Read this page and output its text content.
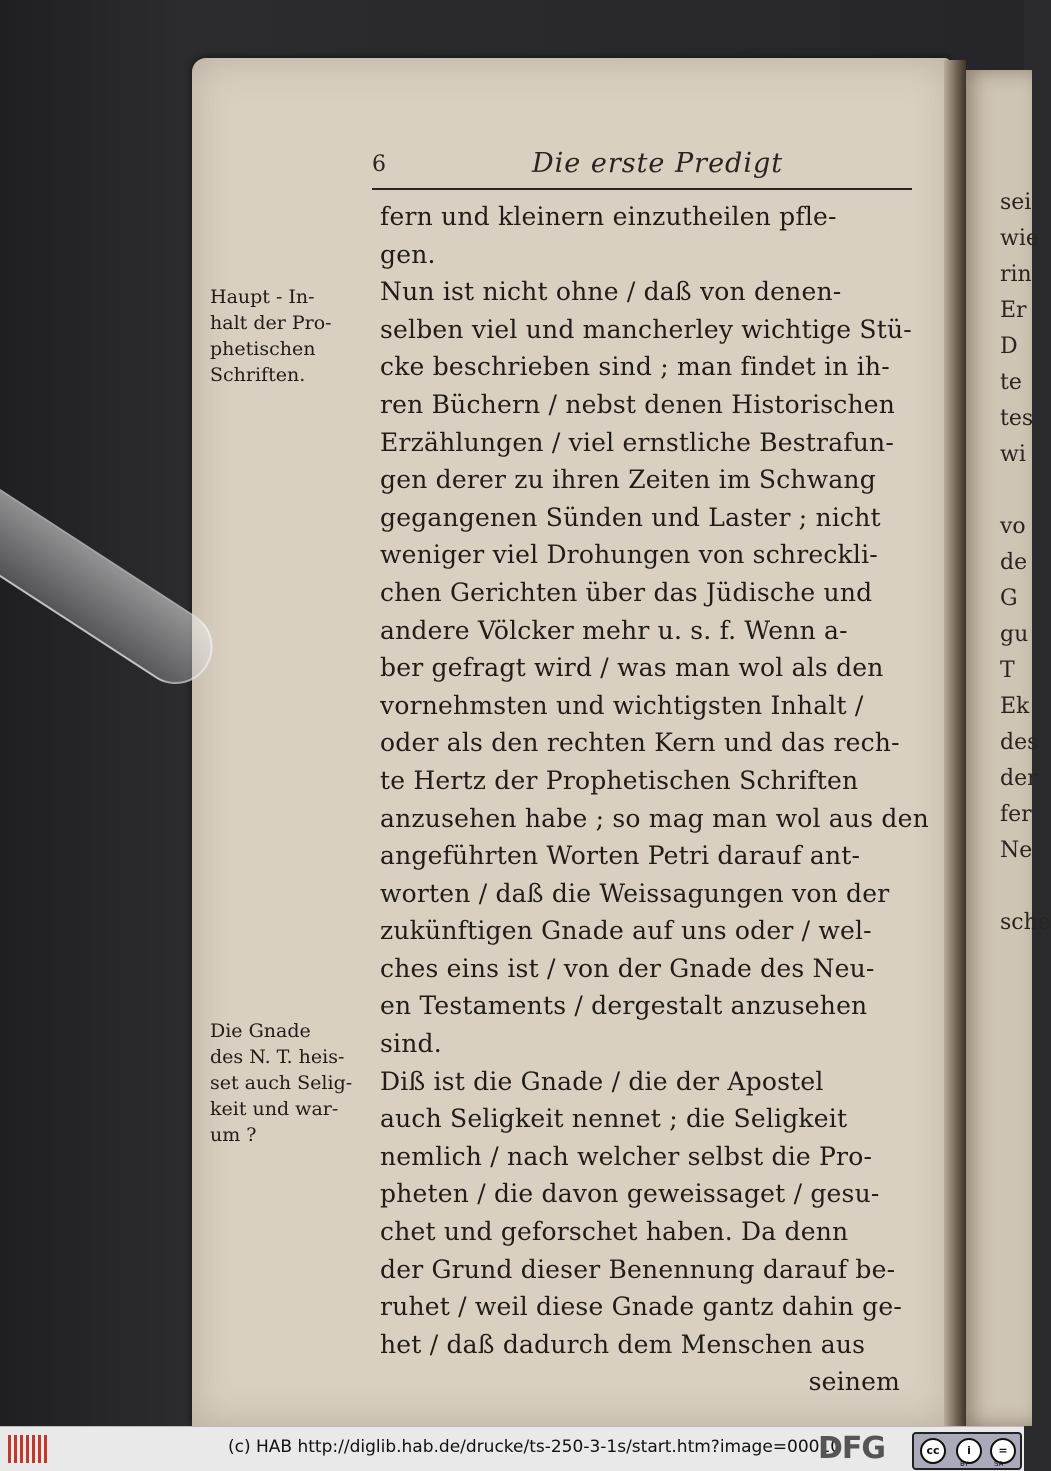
6	Die erste Predigt
Haupt - In-
halt der Pro-
phetischen
Schriften.
Die Gnade
des N. T. heis-
set auch Selig-
keit und war-
um ?
fern und kleinern einzutheilen pfle-
gen.
Nun ist nicht ohne / daß von denen-
selben viel und mancherley wichtige Stü-
cke beschrieben sind ; man findet in ih-
ren Büchern / nebst denen Historischen
Erzählungen / viel ernstliche Bestrafun-
gen derer zu ihren Zeiten im Schwang
gegangenen Sünden und Laster ; nicht
weniger viel Drohungen von schreckli-
chen Gerichten über das Jüdische und
andere Völcker mehr u. s. f. Wenn a-
ber gefragt wird / was man wol als den
vornehmsten und wichtigsten Inhalt /
oder als den rechten Kern und das rech-
te Hertz der Prophetischen Schriften
anzusehen habe ; so mag man wol aus den
angeführten Worten Petri darauf ant-
worten / daß die Weissagungen von der
zukünftigen Gnade auf uns oder / wel-
ches eins ist / von der Gnade des Neu-
en Testaments / dergestalt anzusehen
sind.
Diß ist die Gnade / die der Apostel
auch Seligkeit nennet ; die Seligkeit
nemlich / nach welcher selbst die Pro-
pheten / die davon geweissaget / gesu-
chet und geforschet haben. Da denn
der Grund dieser Benennung darauf be-
ruhet / weil diese Gnade gantz dahin ge-
het / daß dadurch dem Menschen aus
seinem
sei
wie
rin
Er
D
te
tes
wi
vo
de
G
gu
T
Ek
des
der
fer
Ne
sche
(c) HAB http://diglib.hab.de/drucke/ts-250-3-1s/start.htm?image=00010
DFG	cc	i	=
BY	SA
